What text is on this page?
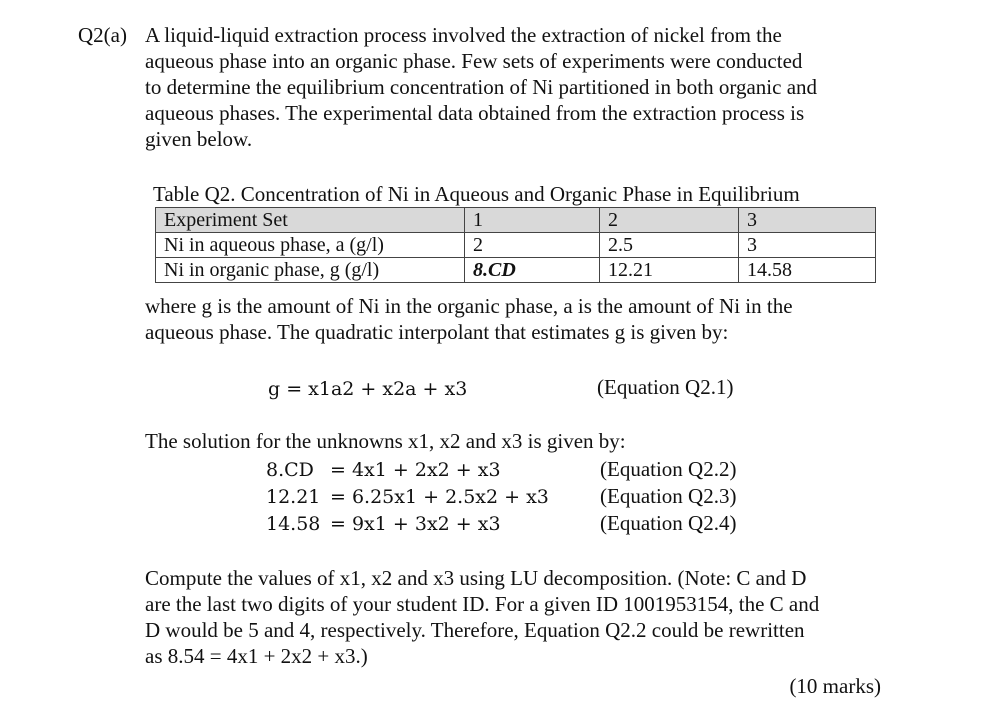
Q2(a) A liquid-liquid extraction process involved the extraction of nickel from the
aqueous phase into an organic phase. Few sets of experiments were conducted
to determine the equilibrium concentration of Ni partitioned in both organic and
aqueous phases. The experimental data obtained from the extraction process is
given below.
Table Q2. Concentration of Ni in Aqueous and Organic Phase in Equilibrium
Experiment Set	1	2	3
Ni in aqueous phase, a (g/l)	2	2.5	3
Ni in organic phase, g (g/l)	8.CD	12.21	14.58
where g is the amount of Ni in the organic phase, a is the amount of Ni in the
aqueous phase. The quadratic interpolant that estimates g is given by:
g = x1a2 + x2a + x3	(Equation Q2.1)
The solution for the unknowns x1, x2 and x3 is given by:
8.CD = 4x1 + 2x2 + x3	(Equation Q2.2)
12.21 = 6.25x1 + 2.5x2 + x3 (Equation Q2.3)
14.58 = 9x1 + 3x2 + x3	(Equation Q2.4)
Compute the values of x1, x2 and x3 using LU decomposition. (Note: C and D
are the last two digits of your student ID. For a given ID 1001953154, the C and
D would be 5 and 4, respectively. Therefore, Equation Q2.2 could be rewritten
as 8.54 = 4x1 + 2x2 + x3.)
(10 marks)
